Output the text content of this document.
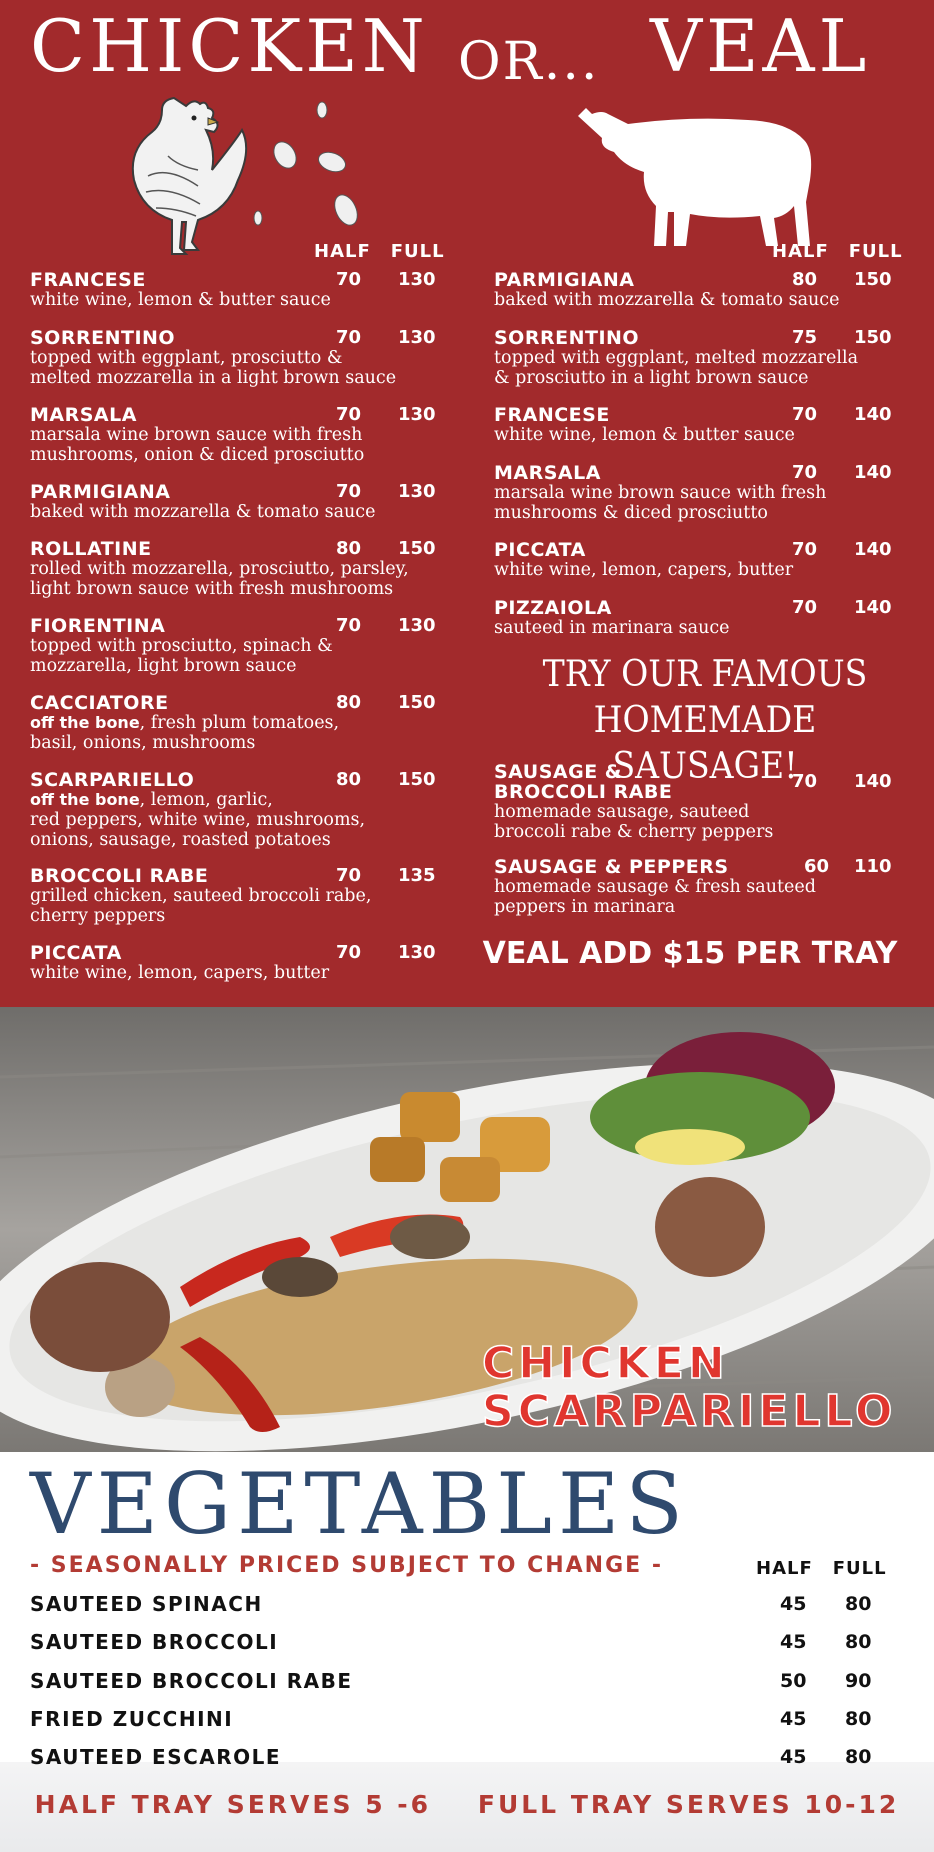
CHICKEN OR... VEAL
HALF FULL	HALF FULL
FRANCESE	70 130
white wine, lemon & butter sauce
SORRENTINO	70 130
topped with eggplant, prosciutto &
melted mozzarella in a light brown sauce
MARSALA	70 130
marsala wine brown sauce with fresh
mushrooms, onion & diced prosciutto
PARMIGIANA	70 130
baked with mozzarella & tomato sauce
ROLLATINE	80 150
rolled with mozzarella, prosciutto, parsley,
light brown sauce with fresh mushrooms
FIORENTINA	70 130
topped with prosciutto, spinach &
mozzarella, light brown sauce
CACCIATORE	80 150
off the bone, fresh plum tomatoes,
basil, onions, mushrooms
SCARPARIELLO	80 150
off the bone, lemon, garlic,
red peppers, white wine, mushrooms,
onions, sausage, roasted potatoes
BROCCOLI RABE	70 135
grilled chicken, sauteed broccoli rabe,
cherry peppers
PICCATA	70 130
white wine, lemon, capers, butter
PARMIGIANA	80 150
baked with mozzarella & tomato sauce
SORRENTINO	75 150
topped with eggplant, melted mozzarella
& prosciutto in a light brown sauce
FRANCESE	70 140
white wine, lemon & butter sauce
MARSALA	70 140
marsala wine brown sauce with fresh
mushrooms & diced prosciutto
PICCATA	70 140
white wine, lemon, capers, butter
PIZZAIOLA	70 140
sauteed in marinara sauce
TRY OUR FAMOUS
HOMEMADE SAUSAGE!
SAUSAGE &
BROCCOLI RABE	70 140
homemade sausage, sauteed
broccoli rabe & cherry peppers
SAUSAGE & PEPPERS	60 110
homemade sausage & fresh sauteed
peppers in marinara
VEAL ADD $15 PER TRAY
CHICKEN
SCARPARIELLO
VEGETABLES
- SEASONALLY PRICED SUBJECT TO CHANGE -	HALF FULL
SAUTEED SPINACH	45 80
SAUTEED BROCCOLI	45 80
SAUTEED BROCCOLI RABE	50 90
FRIED ZUCCHINI	45 80
SAUTEED ESCAROLE	45 80
HALF TRAY SERVES 5 -6    FULL TRAY SERVES 10-12
